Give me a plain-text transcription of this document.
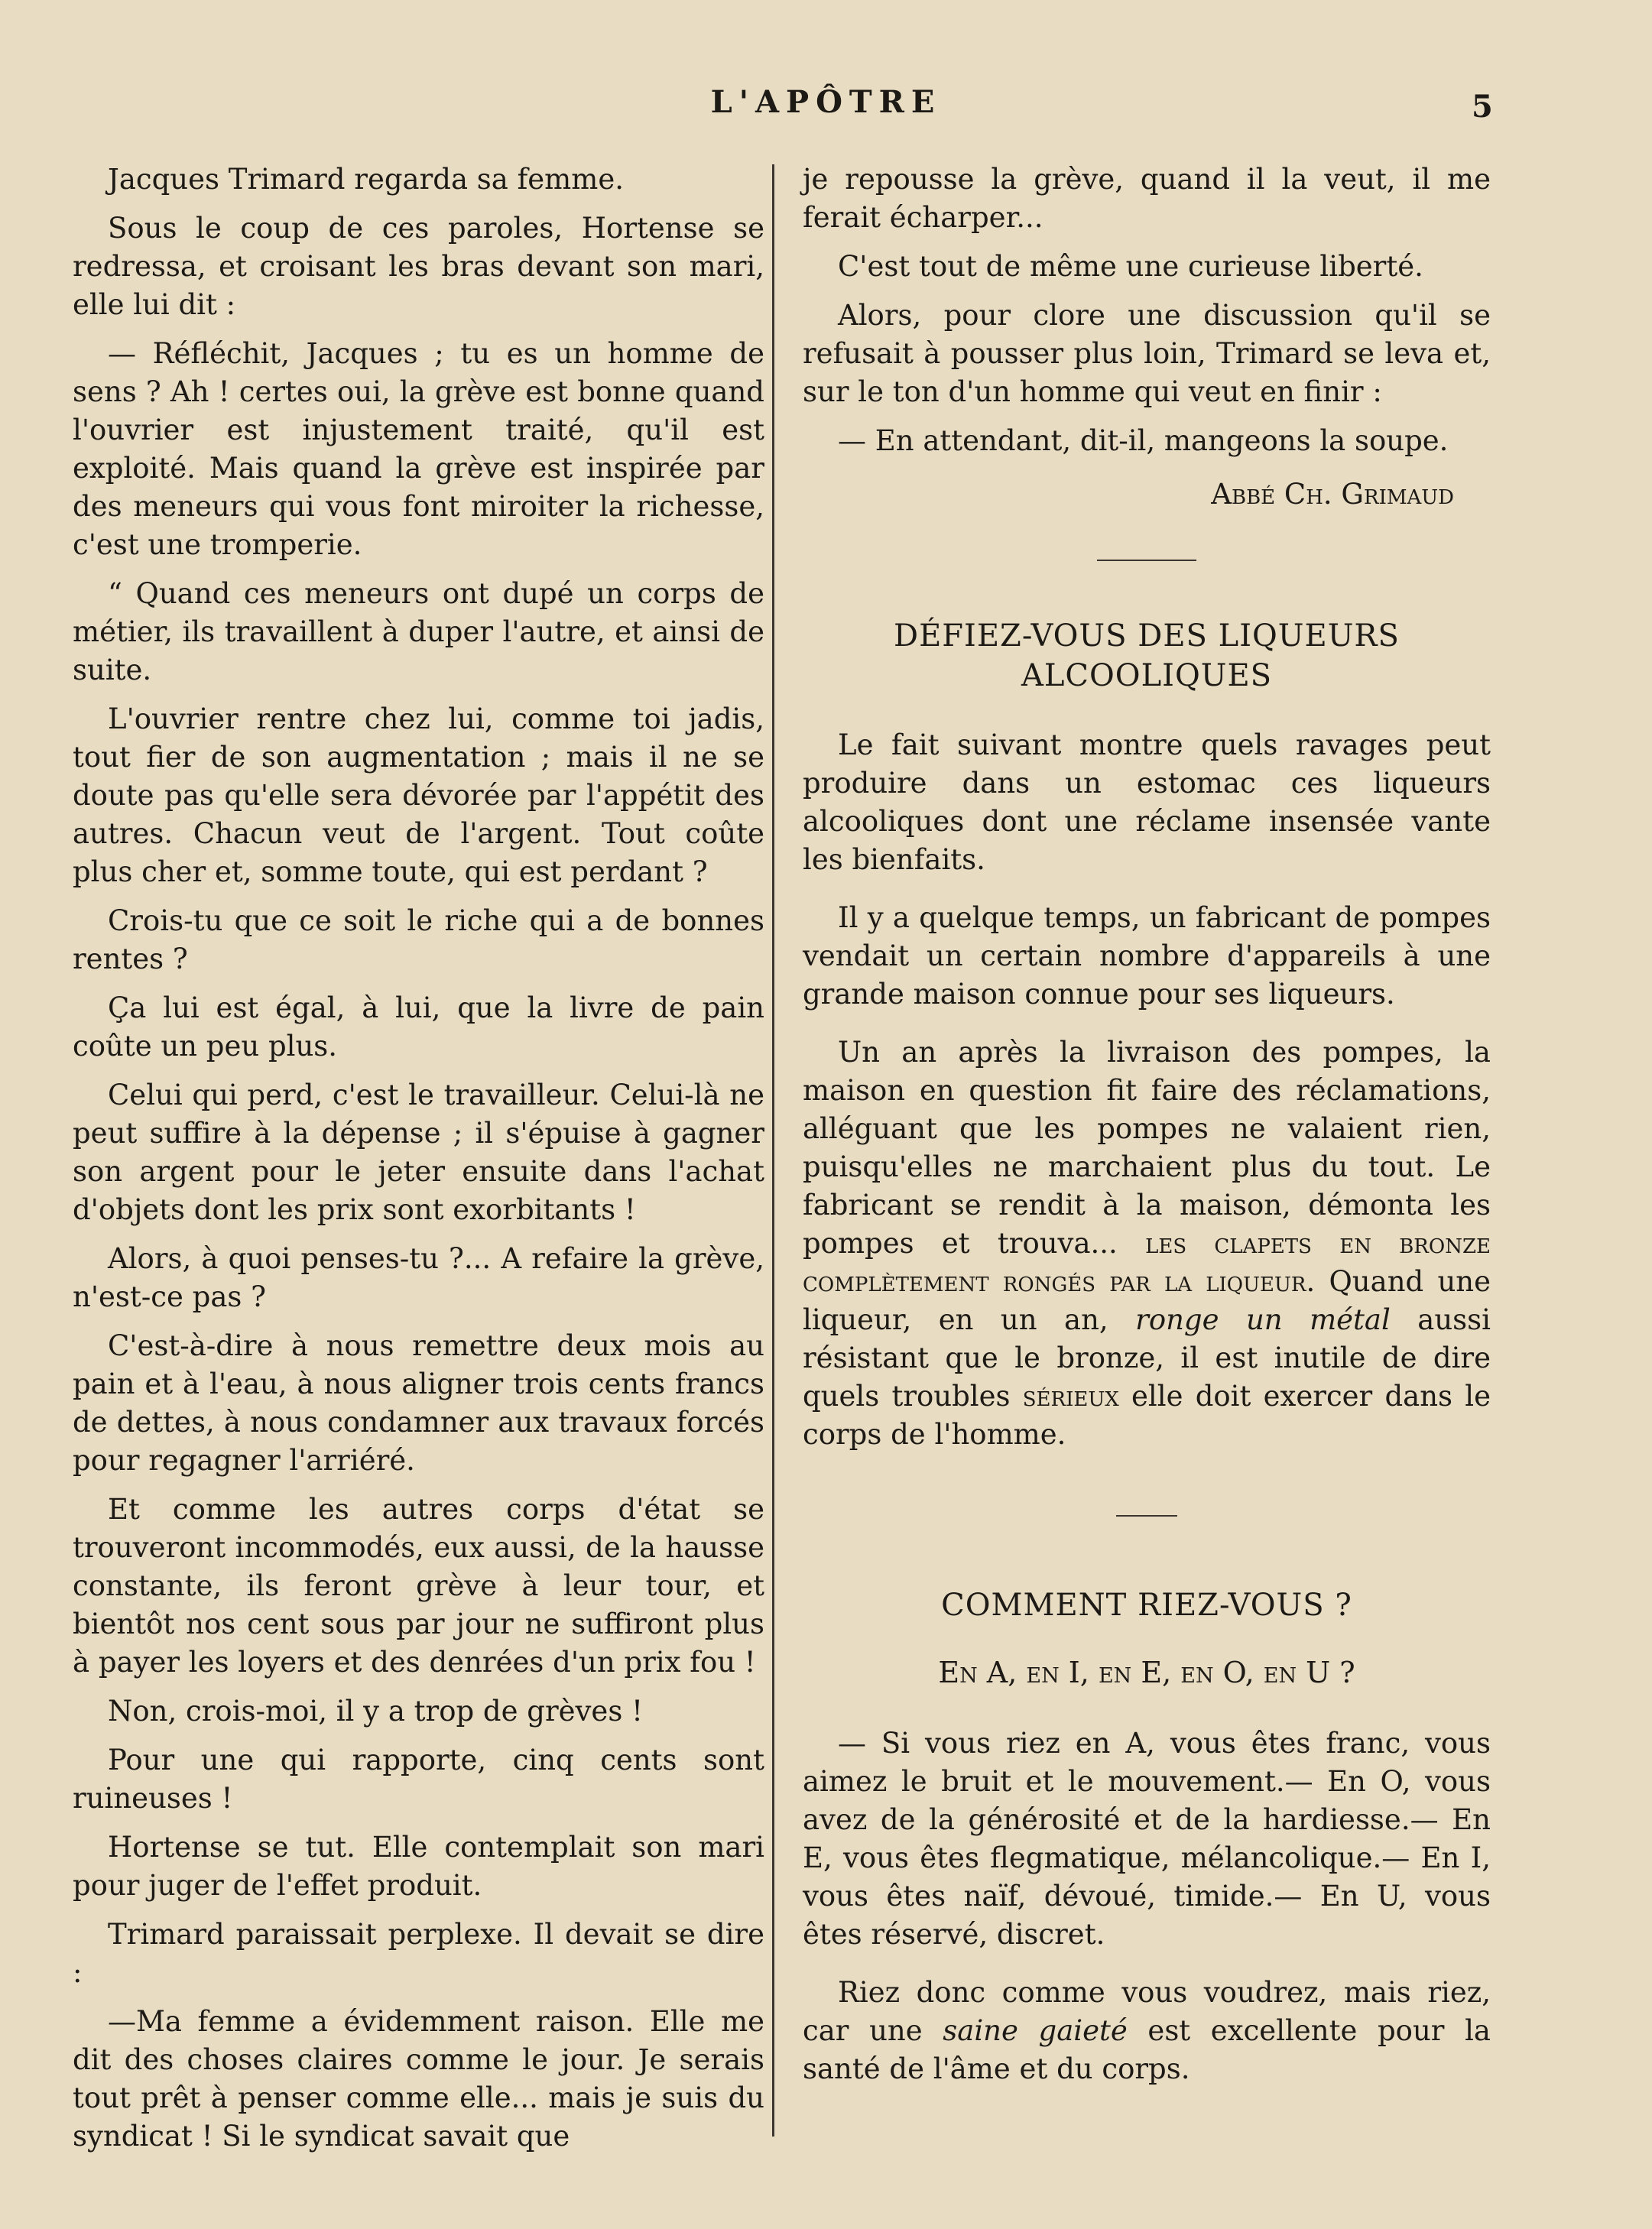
L'APÔTRE	5

Jacques Trimard regarda sa femme.

Sous le coup de ces paroles, Hortense se redressa, et croisant les bras devant son mari, elle lui dit :

— Réfléchit, Jacques ; tu es un homme de sens ? Ah ! certes oui, la grève est bonne quand l'ouvrier est injustement traité, qu'il est exploité. Mais quand la grève est inspirée par des meneurs qui vous font miroiter la richesse, c'est une tromperie.

“ Quand ces meneurs ont dupé un corps de métier, ils travaillent à duper l'autre, et ainsi de suite.

L'ouvrier rentre chez lui, comme toi jadis, tout fier de son augmentation ; mais il ne se doute pas qu'elle sera dévorée par l'appétit des autres. Chacun veut de l'argent. Tout coûte plus cher et, somme toute, qui est perdant ?

Crois-tu que ce soit le riche qui a de bonnes rentes ?

Ça lui est égal, à lui, que la livre de pain coûte un peu plus.

Celui qui perd, c'est le travailleur. Celui-là ne peut suffire à la dépense ; il s'épuise à gagner son argent pour le jeter ensuite dans l'achat d'objets dont les prix sont exorbitants !

Alors, à quoi penses-tu ?... A refaire la grève, n'est-ce pas ?

C'est-à-dire à nous remettre deux mois au pain et à l'eau, à nous aligner trois cents francs de dettes, à nous condamner aux travaux forcés pour regagner l'arriéré.

Et comme les autres corps d'état se trouveront incommodés, eux aussi, de la hausse constante, ils feront grève à leur tour, et bientôt nos cent sous par jour ne suffiront plus à payer les loyers et des denrées d'un prix fou !

Non, crois-moi, il y a trop de grèves !

Pour une qui rapporte, cinq cents sont ruineuses !

Hortense se tut. Elle contemplait son mari pour juger de l'effet produit.

Trimard paraissait perplexe. Il devait se dire :

—Ma femme a évidemment raison. Elle me dit des choses claires comme le jour. Je serais tout prêt à penser comme elle... mais je suis du syndicat ! Si le syndicat savait que

je repousse la grève, quand il la veut, il me ferait écharper...

C'est tout de même une curieuse liberté.

Alors, pour clore une discussion qu'il se refusait à pousser plus loin, Trimard se leva et, sur le ton d'un homme qui veut en finir :

— En attendant, dit-il, mangeons la soupe.

Abbé Ch. Grimaud
DÉFIEZ-VOUS DES LIQUEURS ALCOOLIQUES

Le fait suivant montre quels ravages peut produire dans un estomac ces liqueurs alcooliques dont une réclame insensée vante les bienfaits.

Il y a quelque temps, un fabricant de pompes vendait un certain nombre d'appareils à une grande maison connue pour ses liqueurs.

Un an après la livraison des pompes, la maison en question fit faire des réclamations, alléguant que les pompes ne valaient rien, puisqu'elles ne marchaient plus du tout. Le fabricant se rendit à la maison, démonta les pompes et trouva... les clapets en bronze complètement rongés par la liqueur. Quand une liqueur, en un an, ronge un métal aussi résistant que le bronze, il est inutile de dire quels troubles sérieux elle doit exercer dans le corps de l'homme.

COMMENT RIEZ-VOUS ?
En A, en I, en E, en O, en U ?

— Si vous riez en A, vous êtes franc, vous aimez le bruit et le mouvement.— En O, vous avez de la générosité et de la hardiesse.— En E, vous êtes flegmatique, mélancolique.— En I, vous êtes naïf, dévoué, timide.— En U, vous êtes réservé, discret.

Riez donc comme vous voudrez, mais riez, car une saine gaieté est excellente pour la santé de l'âme et du corps.
